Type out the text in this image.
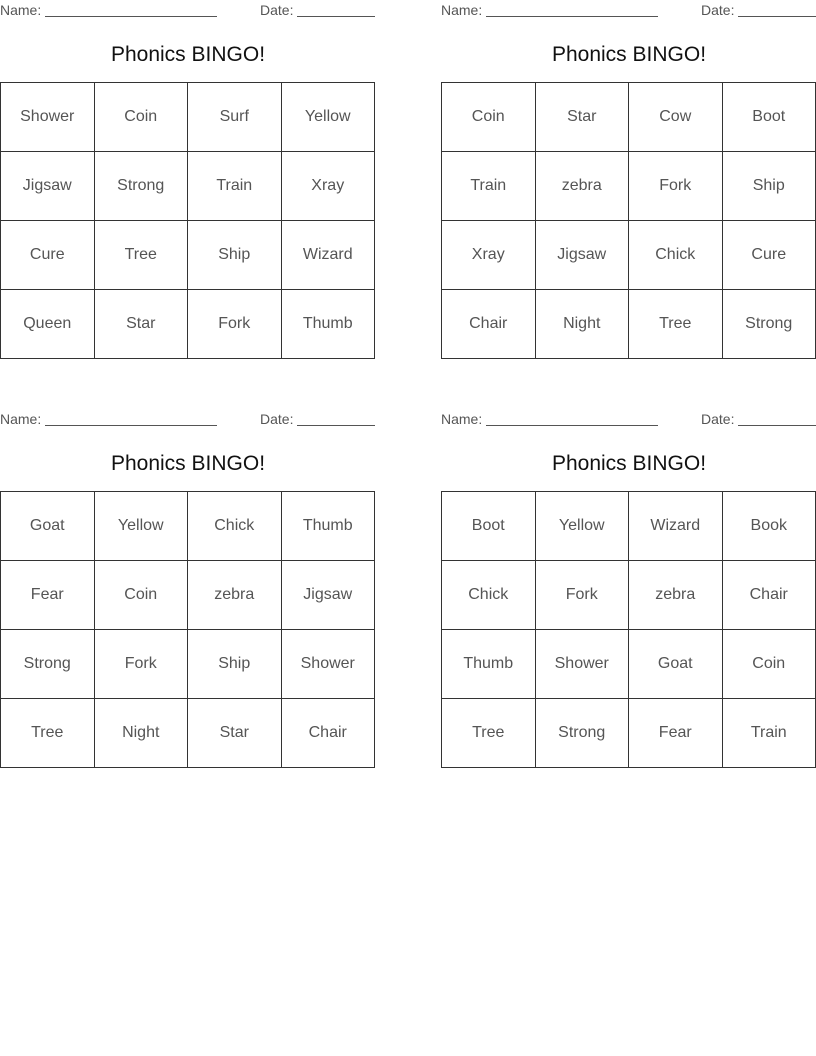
Name:	Date:
Phonics BINGO!
Shower	Coin	Surf	Yellow
Jigsaw	Strong	Train	Xray
Cure	Tree	Ship	Wizard
Queen	Star	Fork	Thumb
Name:	Date:
Phonics BINGO!
Coin	Star	Cow	Boot
Train	zebra	Fork	Ship
Xray	Jigsaw	Chick	Cure
Chair	Night	Tree	Strong
Name:	Date:
Phonics BINGO!
Goat	Yellow	Chick	Thumb
Fear	Coin	zebra	Jigsaw
Strong	Fork	Ship	Shower
Tree	Night	Star	Chair
Name:	Date:
Phonics BINGO!
Boot	Yellow	Wizard	Book
Chick	Fork	zebra	Chair
Thumb	Shower	Goat	Coin
Tree	Strong	Fear	Train
